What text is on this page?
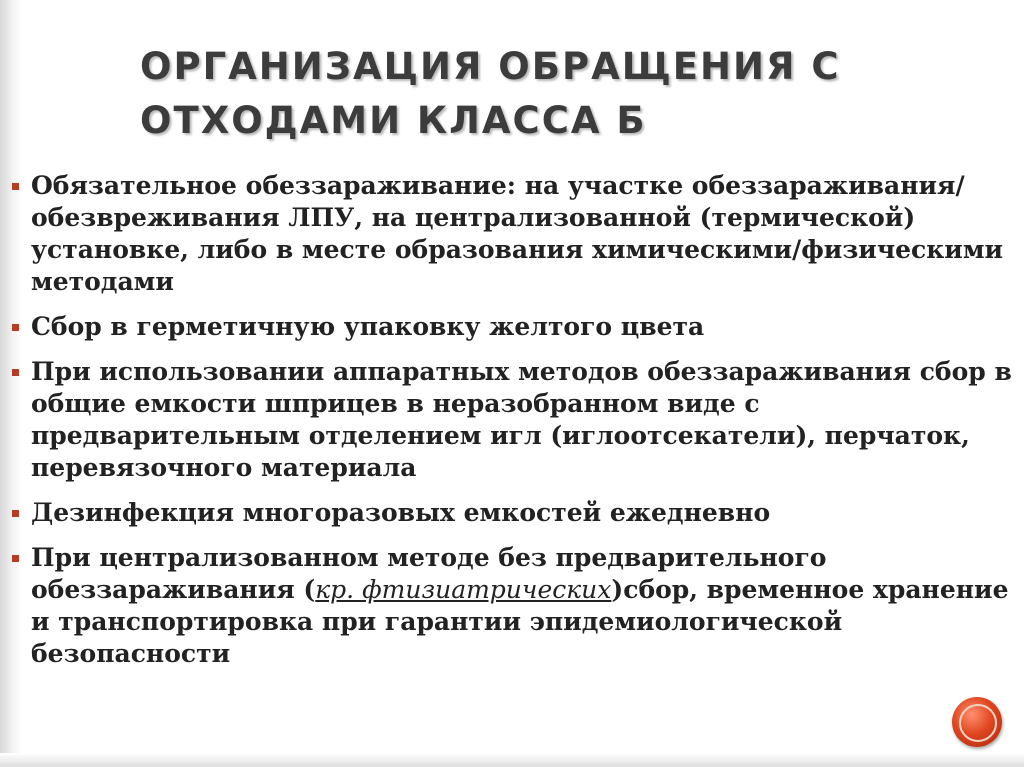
ОРГАНИЗАЦИЯ ОБРАЩЕНИЯ С
ОТХОДАМИ КЛАССА Б
Обязательное обеззараживание: на участке обеззараживания/обезвреживания ЛПУ, на централизованной (термической) установке, либо в месте образования химическими/физическими методами
Сбор в герметичную упаковку желтого цвета
При использовании аппаратных методов обеззараживания сбор в общие емкости шприцев в неразобранном виде с предварительным отделением игл (иглоотсекатели), перчаток, перевязочного материала
Дезинфекция многоразовых емкостей ежедневно
При централизованном методе без предварительного обеззараживания (кр. фтизиатрических)сбор, временное хранение и транспортировка при гарантии эпидемиологической безопасности
